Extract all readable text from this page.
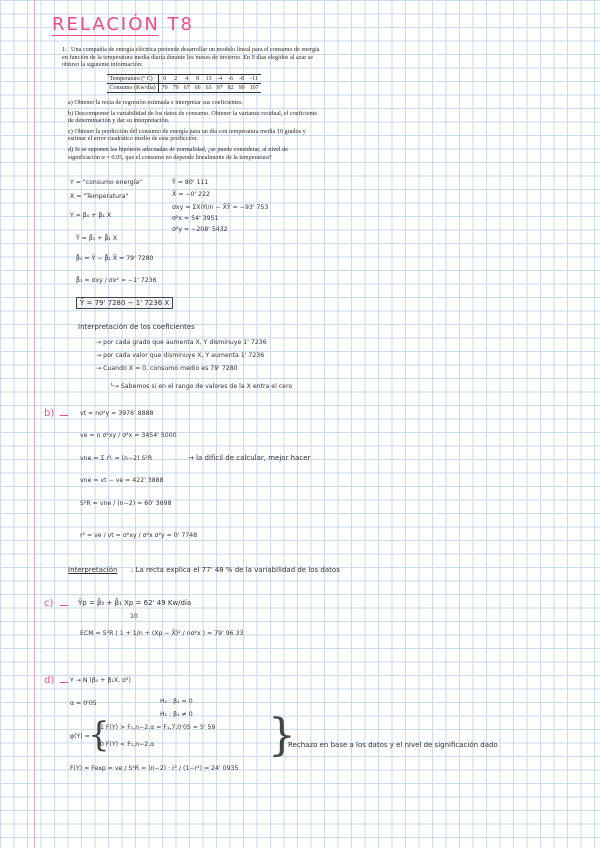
RELACIÓN T8

1. Una compañía de energía eléctrica pretende desarrollar un modelo lineal para el consumo de energía en función de la temperatura media diaria durante los meses de invierno. En 9 días elegidos al azar se obtuvo la siguiente información:

Temperatura (º C)	0	2	4	8	13	-4	-6	-8	-11
Consumo (Kw/día)	70	79	67	66	63	97	82	90	107

a) Obtener la recta de regresión estimada e interpretar sus coeficientes.

b) Descomponer la variabilidad de los datos de consumo. Obtener la varianza residual, el coeficiente de determinación y dar su interpretación.

c) Obtener la predicción del consumo de energía para un día con temperatura media 10 grados y estimar el error cuadrático medio de esta predicción.

d) Si se suponen las hipótesis adecuadas de normalidad, ¿se puede considerar, al nivel de significación α = 0.05, que el consumo no depende linealmente de la temperatura?

Y = "consumo energía"
X = "Temperatura"
Y = β₀ + β₁ X
Ŷ = β̂₀ + β̂₁ X
β̂₀ = Ȳ − β̂₁ X̄ = 79' 7280
β̂₁ = σxy / σx² = −1' 7236
Ȳ = 80' 111
X̄ = −0' 222
σxy = ΣXiYi/n − X̄Ȳ = −93' 753
σ²x = 54' 3951
σ²y = −208' 5432
Ŷ = 79' 7280 − 1' 7236 X
Interpretación de los coeficientes
→ por cada grado que aumenta X, Y disminuye 1' 7236
→ por cada valor que disminuye X, Y aumenta 1' 7236
→ Cuando X = 0, consumo medio es 79' 7280
└→ Sabemos si en el rango de valores de la X entra el cero
b)	vt = nσ²y = 3976' 8888
ve = n σ²xy / σ²x = 3454' 5000
vne = Σ r²ᵢ = (n−2) S²R	→ la difícil de calcular, mejor hacer
vne = vt − ve = 422' 3888
S²R = vne / (n−2) = 60' 3698
r² = ve / vt = σ²xy / σ²x σ²y = 0' 7748
Interpretación : La recta explica el 77' 48 % de la variabilidad de los datos
c)	Ŷp = β̂₀ + β̂₁ Xp = 62' 49 Kw/día
10
ECM = S²R ( 1 + 1/n + (Xp − X̄)² / nσ²x ) = 79' 96 33
d)	Y → N (β₀ + β₁X, σ²)
α = 0'05	H₀ : β₁ = 0
H₁ : β₁ ≠ 0
φ(Y) =
{
1 F(Y) > F₁,n−2,α = F₁,7,0'05 = 5' 59
0 F(Y) < F₁,n−2,α	}
Rechazo en base a los datos y el nivel de significación dado
F(Y) = Fexp = ve / S²R = (n−2) · r² / (1−r²) = 24' 0935
